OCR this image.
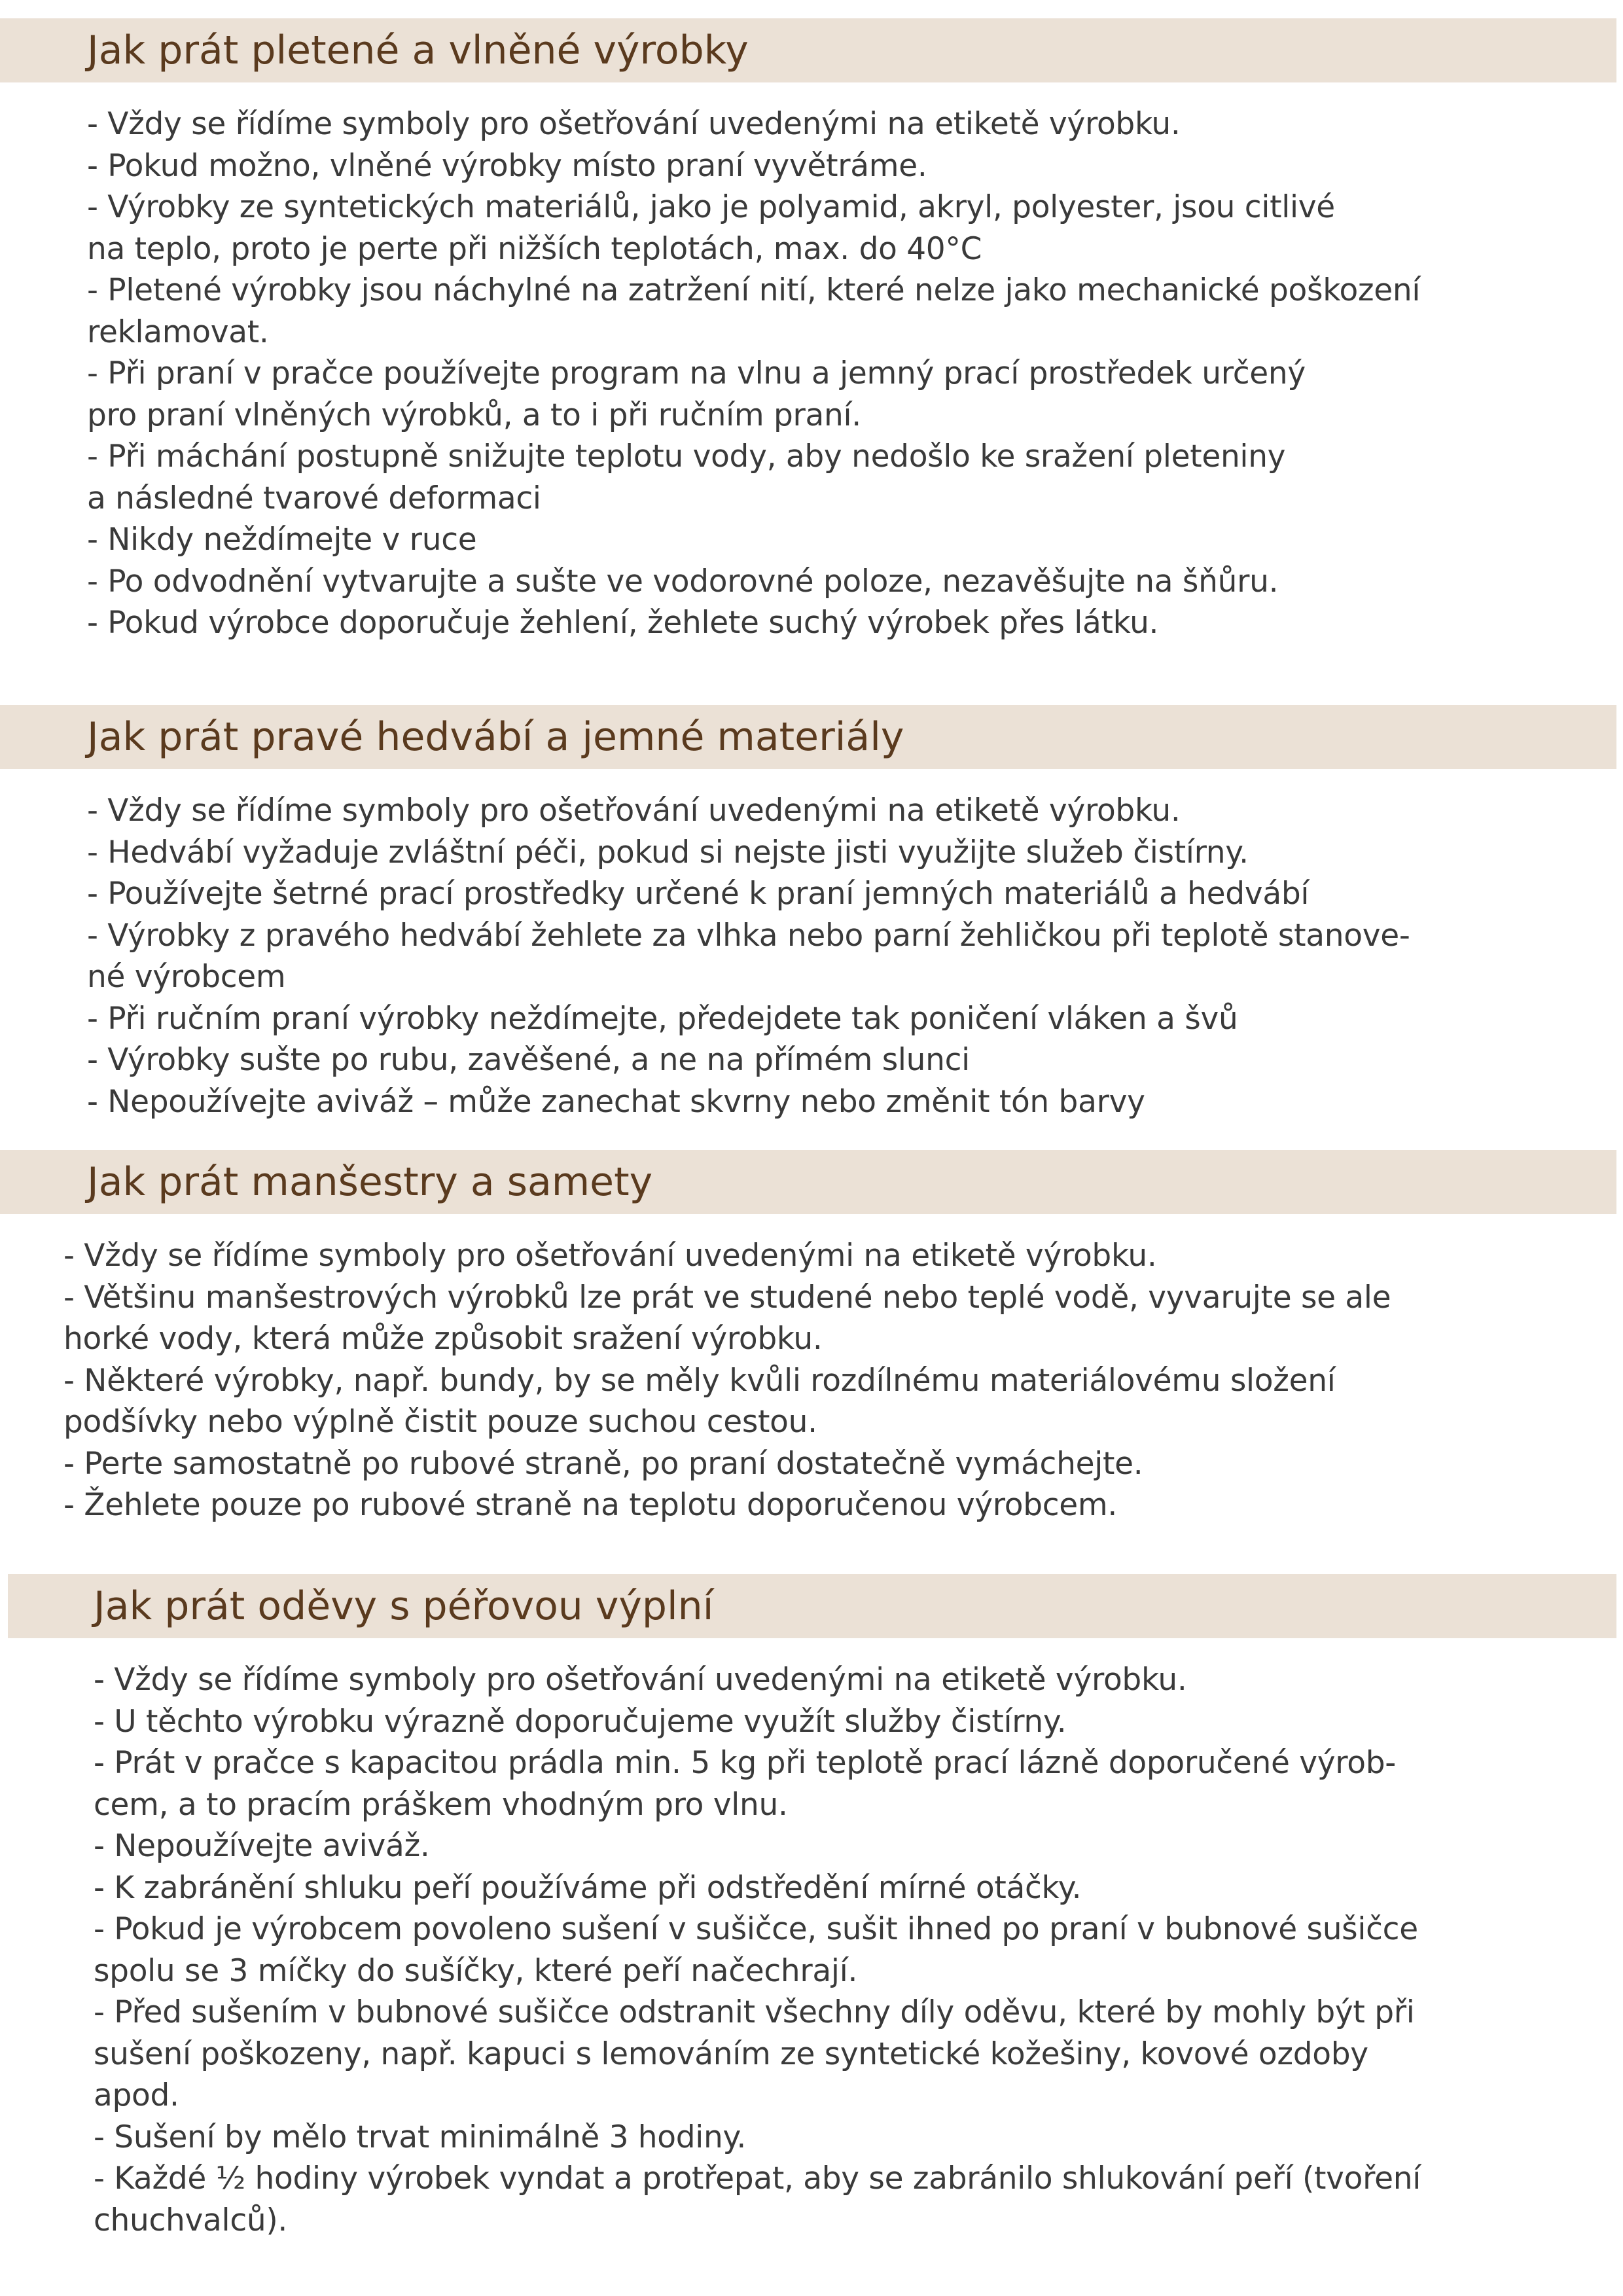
Jak prát pletené a vlněné výrobky
- Vždy se řídíme symboly pro ošetřování uvedenými na etiketě výrobku.
- Pokud možno, vlněné výrobky místo praní vyvětráme.
- Výrobky ze syntetických materiálů, jako je polyamid, akryl, polyester, jsou citlivé
na teplo, proto je perte při nižších teplotách, max. do 40°C
- Pletené výrobky jsou náchylné na zatržení nití, které nelze jako mechanické poškození
reklamovat.
- Při praní v pračce používejte program na vlnu a jemný prací prostředek určený
pro praní vlněných výrobků, a to i při ručním praní.
- Při máchání postupně snižujte teplotu vody, aby nedošlo ke sražení pleteniny
a následné tvarové deformaci
- Nikdy neždímejte v ruce
- Po odvodnění vytvarujte a sušte ve vodorovné poloze, nezavěšujte na šňůru.
- Pokud výrobce doporučuje žehlení, žehlete suchý výrobek přes látku.
Jak prát pravé hedvábí a jemné materiály
- Vždy se řídíme symboly pro ošetřování uvedenými na etiketě výrobku.
- Hedvábí vyžaduje zvláštní péči, pokud si nejste jisti využijte služeb čistírny.
- Používejte šetrné prací prostředky určené k praní jemných materiálů a hedvábí
- Výrobky z pravého hedvábí žehlete za vlhka nebo parní žehličkou při teplotě stanove-
né výrobcem
- Při ručním praní výrobky neždímejte, předejdete tak poničení vláken a švů
- Výrobky sušte po rubu, zavěšené, a ne na přímém slunci
- Nepoužívejte aviváž – může zanechat skvrny nebo změnit tón barvy
Jak prát manšestry a samety
- Vždy se řídíme symboly pro ošetřování uvedenými na etiketě výrobku.
- Většinu manšestrových výrobků lze prát ve studené nebo teplé vodě, vyvarujte se ale
horké vody, která může způsobit sražení výrobku.
- Některé výrobky, např. bundy, by se měly kvůli rozdílnému materiálovému složení
podšívky nebo výplně čistit pouze suchou cestou.
- Perte samostatně po rubové straně, po praní dostatečně vymáchejte.
- Žehlete pouze po rubové straně na teplotu doporučenou výrobcem.
Jak prát oděvy s péřovou výplní
- Vždy se řídíme symboly pro ošetřování uvedenými na etiketě výrobku.
- U těchto výrobku výrazně doporučujeme využít služby čistírny.
- Prát v pračce s kapacitou prádla min. 5 kg při teplotě prací lázně doporučené výrob-
cem, a to pracím práškem vhodným pro vlnu.
- Nepoužívejte aviváž.
- K zabránění shluku peří používáme při odstředění mírné otáčky.
- Pokud je výrobcem povoleno sušení v sušičce, sušit ihned po praní v bubnové sušičce
spolu se 3 míčky do sušíčky, které peří načechrají.
- Před sušením v bubnové sušičce odstranit všechny díly oděvu, které by mohly být při
sušení poškozeny, např. kapuci s lemováním ze syntetické kožešiny, kovové ozdoby
apod.
- Sušení by mělo trvat minimálně 3 hodiny.
- Každé ½ hodiny výrobek vyndat a protřepat, aby se zabránilo shlukování peří (tvoření
chuchvalců).
